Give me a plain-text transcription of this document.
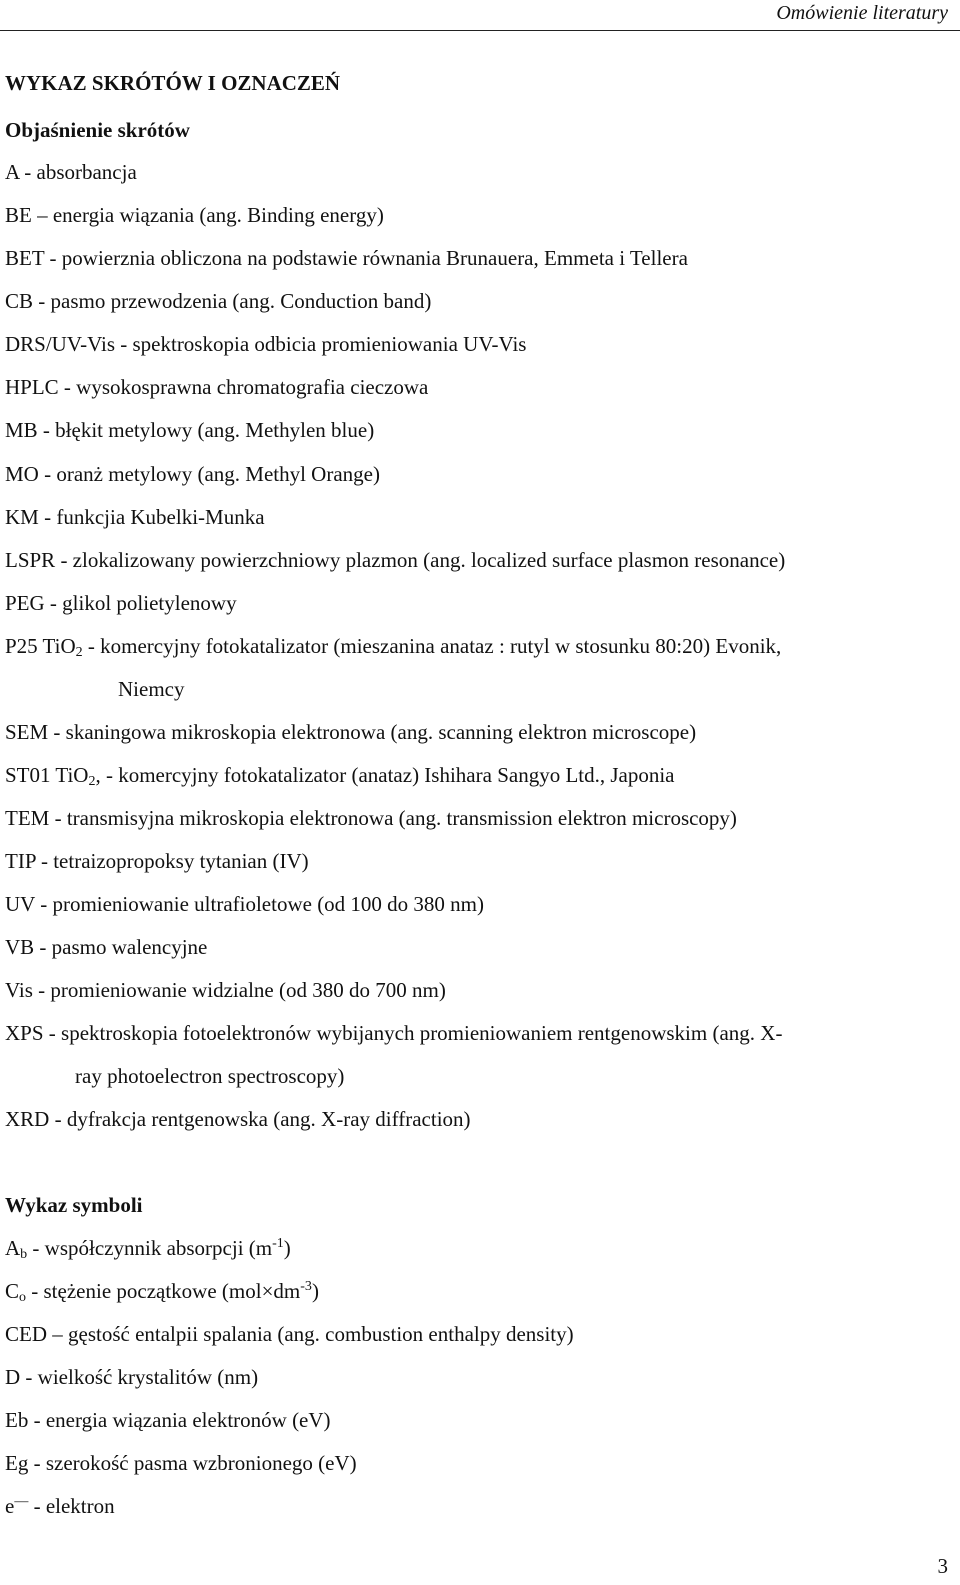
Omówienie literatury
WYKAZ SKRÓTÓW I OZNACZEŃ
Objaśnienie skrótów
A - absorbancja
BE – energia wiązania (ang. Binding energy)
BET - powierznia obliczona na podstawie równania Brunauera, Emmeta i Tellera
CB - pasmo przewodzenia (ang. Conduction band)
DRS/UV-Vis - spektroskopia odbicia promieniowania UV-Vis
HPLC - wysokosprawna chromatografia cieczowa
MB - błękit metylowy (ang. Methylen blue)
MO - oranż metylowy (ang. Methyl Orange)
KM - funkcjia Kubelki-Munka
LSPR - zlokalizowany powierzchniowy plazmon (ang. localized surface plasmon resonance)
PEG - glikol polietylenowy
P25 TiO$_2$ - komercyjny fotokatalizator (mieszanina anataz : rutyl w stosunku 80:20) Evonik,
Niemcy
SEM - skaningowa mikroskopia elektronowa (ang. scanning elektron microscope)
ST01 TiO$_2$, - komercyjny fotokatalizator (anataz) Ishihara Sangyo Ltd., Japonia
TEM - transmisyjna mikroskopia elektronowa (ang. transmission elektron microscopy)
TIP - tetraizopropoksy tytanian (IV)
UV - promieniowanie ultrafioletowe (od 100 do 380 nm)
VB - pasmo walencyjne
Vis - promieniowanie widzialne (od 380 do 700 nm)
XPS - spektroskopia fotoelektronów wybijanych promieniowaniem rentgenowskim (ang. X-
ray photoelectron spectroscopy)
XRD - dyfrakcja rentgenowska (ang. X-ray diffraction)
Wykaz symboli
$A_b$ - współczynnik absorpcji $(m^{-1})$
$C_o$ - stężenie początkowe $(mol\times dm^{-3})$
CED – gęstość entalpii spalania (ang. combustion enthalpy density)
D - wielkość krystalitów (nm)
Eb - energia wiązania elektronów (eV)
Eg - szerokość pasma wzbronionego (eV)
e— - elektron
3
